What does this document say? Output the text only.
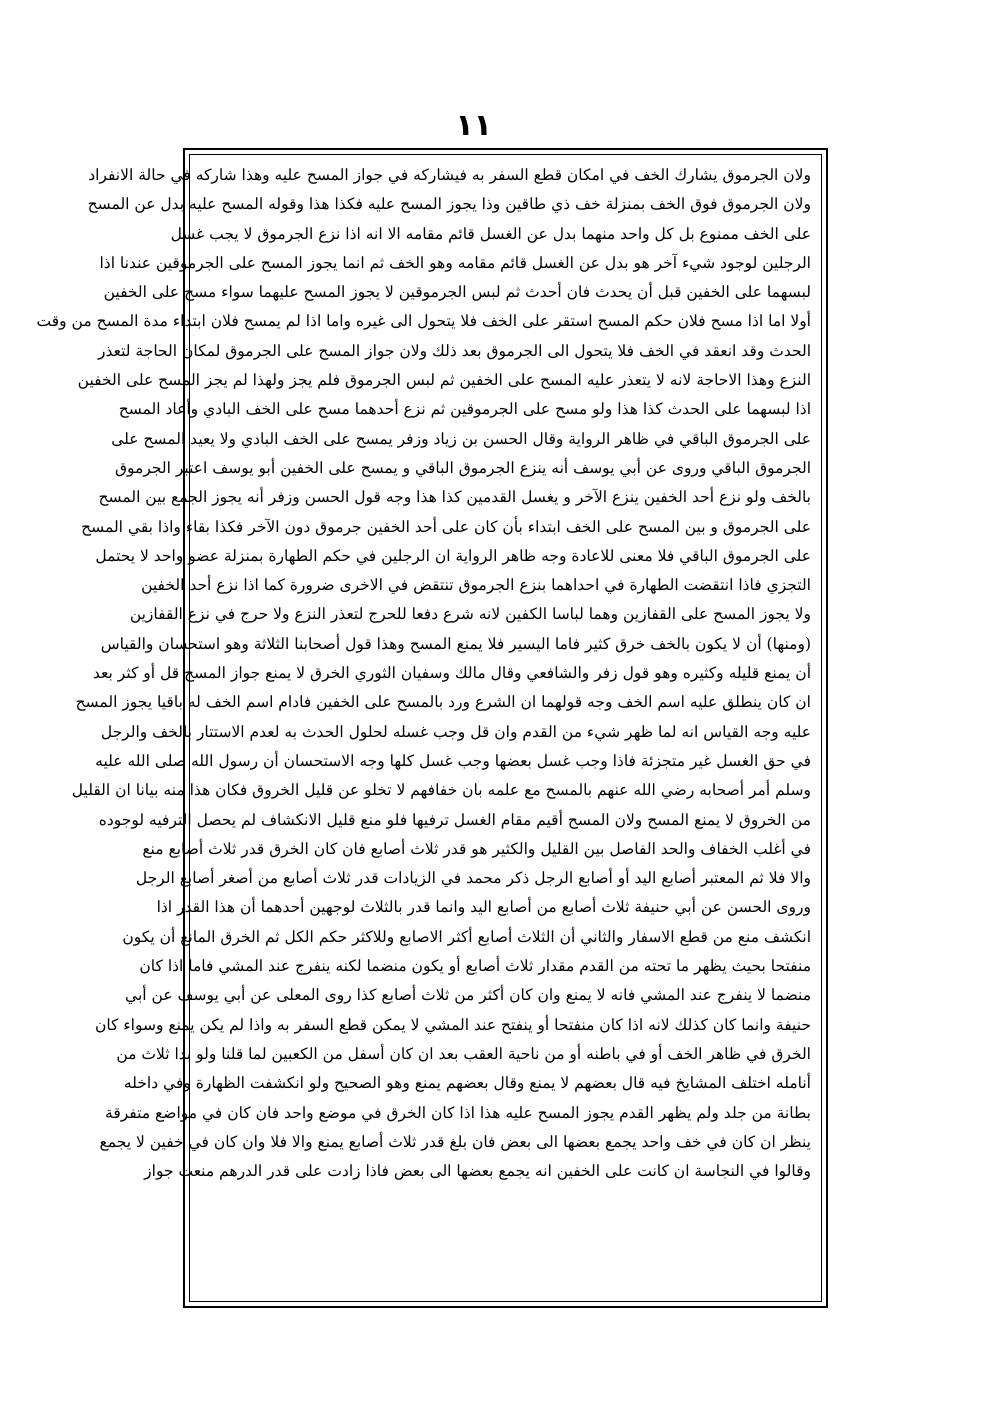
١١
ولان الجرموق يشارك الخف في امكان قطع السفر به فيشاركه في جواز المسح عليه وهذا شاركه في حالة الانفراد
ولان الجرموق فوق الخف بمنزلة خف ذي طاقين وذا يجوز المسح عليه فكذا هذا وقوله المسح عليه بدل عن المسح
على الخف ممنوع بل كل واحد منهما بدل عن الغسل قائم مقامه الا انه اذا نزع الجرموق لا يجب غسل
الرجلين لوجود شيء آخر هو بدل عن الغسل قائم مقامه وهو الخف ثم انما يجوز المسح على الجرموقين عندنا اذا
لبسهما على الخفين قبل أن يحدث فان أحدث ثم لبس الجرموقين لا يجوز المسح عليهما سواء مسح على الخفين
أولا اما اذا مسح فلان حكم المسح استقر على الخف فلا يتحول الى غيره واما اذا لم يمسح فلان ابتداء مدة المسح من وقت
الحدث وقد انعقد في الخف فلا يتحول الى الجرموق بعد ذلك ولان جواز المسح على الجرموق لمكان الحاجة لتعذر
النزع وهذا الاحاجة لانه لا يتعذر عليه المسح على الخفين ثم لبس الجرموق فلم يجز ولهذا لم يجز المسح على الخفين
اذا لبسهما على الحدث كذا هذا ولو مسح على الجرموقين ثم نزع أحدهما مسح على الخف البادي وأعاد المسح
على الجرموق الباقي في ظاهر الرواية وقال الحسن بن زياد وزفر يمسح على الخف البادي ولا يعيد المسح على
الجرموق الباقي وروى عن أبي يوسف أنه ينزع الجرموق الباقي و يمسح على الخفين أبو يوسف اعتبر الجرموق
بالخف ولو نزع أحد الخفين ينزع الآخر و يغسل القدمين كذا هذا وجه قول الحسن وزفر أنه يجوز الجمع بين المسح
على الجرموق و بين المسح على الخف ابتداء بأن كان على أحد الخفين جرموق دون الآخر فكذا بقاء واذا بقي المسح
على الجرموق الباقي فلا معنى للاعادة وجه ظاهر الرواية ان الرجلين في حكم الطهارة بمنزلة عضو واحد لا يحتمل
التجزي فاذا انتقضت الطهارة في احداهما بنزع الجرموق تنتقض في الاخرى ضرورة كما اذا نزع أحد الخفين
ولا يجوز المسح على القفازين وهما لباسا الكفين لانه شرع دفعا للحرج لتعذر النزع ولا حرج في نزع القفازين
(ومنها) أن لا يكون بالخف خرق كثير فاما اليسير فلا يمنع المسح وهذا قول أصحابنا الثلاثة وهو استحسان والقياس
أن يمنع قليله وكثيره وهو قول زفر والشافعي وقال مالك وسفيان الثوري الخرق لا يمنع جواز المسح قل أو كثر بعد
ان كان ينطلق عليه اسم الخف وجه قولهما ان الشرع ورد بالمسح على الخفين فادام اسم الخف له باقيا يجوز المسح
عليه وجه القياس انه لما ظهر شيء من القدم وان قل وجب غسله لحلول الحدث به لعدم الاستتار بالخف والرجل
في حق الغسل غير متجزئة فاذا وجب غسل بعضها وجب غسل كلها وجه الاستحسان أن رسول الله صلى الله عليه
وسلم أمر أصحابه رضي الله عنهم بالمسح مع علمه بان خفافهم لا تخلو عن قليل الخروق فكان هذا منه بيانا ان القليل
من الخروق لا يمنع المسح ولان المسح أقيم مقام الغسل ترفيها فلو منع قليل الانكشاف لم يحصل الترفيه لوجوده
في أغلب الخفاف والحد الفاصل بين القليل والكثير هو قدر ثلاث أصابع فان كان الخرق قدر ثلاث أصابع منع
والا فلا ثم المعتبر أصابع اليد أو أصابع الرجل ذكر محمد في الزيادات قدر ثلاث أصابع من أصغر أصابع الرجل
وروى الحسن عن أبي حنيفة ثلاث أصابع من أصابع اليد وانما قدر بالثلاث لوجهين أحدهما أن هذا القدر اذا
انكشف منع من قطع الاسفار والثاني أن الثلاث أصابع أكثر الاصابع وللاكثر حكم الكل ثم الخرق المانع أن يكون
منفتحا بحيث يظهر ما تحته من القدم مقدار ثلاث أصابع أو يكون منضما لكنه ينفرج عند المشي فاما اذا كان
منضما لا ينفرج عند المشي فانه لا يمنع وان كان أكثر من ثلاث أصابع كذا روى المعلى عن أبي يوسف عن أبي
حنيفة وانما كان كذلك لانه اذا كان منفتحا أو ينفتح عند المشي لا يمكن قطع السفر به واذا لم يكن يمنع وسواء كان
الخرق في ظاهر الخف أو في باطنه أو من ناحية العقب بعد ان كان أسفل من الكعبين لما قلنا ولو بدا ثلاث من
أنامله اختلف المشايخ فيه قال بعضهم لا يمنع وقال بعضهم يمنع وهو الصحيح ولو انكشفت الظهارة وفي داخله
بطانة من جلد ولم يظهر القدم يجوز المسح عليه هذا اذا كان الخرق في موضع واحد فان كان في مواضع متفرقة
ينظر ان كان في خف واحد يجمع بعضها الى بعض فان بلغ قدر ثلاث أصابع يمنع والا فلا وان كان في خفين لا يجمع
وقالوا في النجاسة ان كانت على الخفين انه يجمع بعضها الى بعض فاذا زادت على قدر الدرهم منعت جواز
